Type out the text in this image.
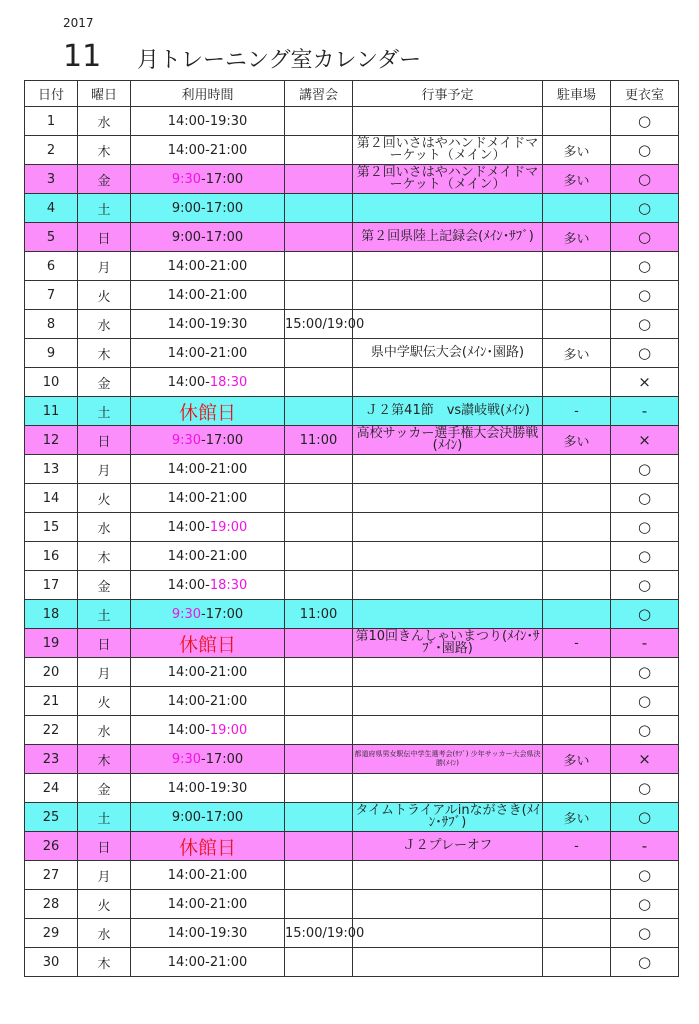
2017
11 月トレーニング室カレンダー
日付	曜日	利用時間	講習会	行事予定	駐車場	更衣室
1	水	14:00-19:30				○
2	木	14:00-21:00		第２回いさはやハンドメイドマーケット（メイン）	多い	○
3	金	9:30-17:00		第２回いさはやハンドメイドマーケット（メイン）	多い	○
4	土	9:00-17:00				○
5	日	9:00-17:00		第２回県陸上記録会(ﾒｲﾝ･ｻﾌﾞ)	多い	○
6	月	14:00-21:00				○
7	火	14:00-21:00				○
8	水	14:00-19:30	15:00/19:00			○
9	木	14:00-21:00		県中学駅伝大会(ﾒｲﾝ･園路)	多い	○
10	金	14:00-18:30				×
11	土	休館日		Ｊ２第41節　vs讃岐戦(ﾒｲﾝ)	-	-
12	日	9:30-17:00	11:00	高校サッカー選手権大会決勝戦(ﾒｲﾝ)	多い	×
13	月	14:00-21:00				○
14	火	14:00-21:00				○
15	水	14:00-19:00				○
16	木	14:00-21:00				○
17	金	14:00-18:30				○
18	土	9:30-17:00	11:00			○
19	日	休館日		第10回きんしゃいまつり(ﾒｲﾝ･ｻﾌﾞ･園路)	-	-
20	月	14:00-21:00				○
21	火	14:00-21:00				○
22	水	14:00-19:00				○
23	木	9:30-17:00		都道府県男女駅伝中学生選考会(ｻﾌﾞ) 少年サッカー大会県決勝(ﾒｲﾝ)	多い	×
24	金	14:00-19:30				○
25	土	9:00-17:00		タイムトライアルinながさき(ﾒｲﾝ･ｻﾌﾞ)	多い	○
26	日	休館日		Ｊ２プレーオフ	-	-
27	月	14:00-21:00				○
28	火	14:00-21:00				○
29	水	14:00-19:30	15:00/19:00			○
30	木	14:00-21:00				○
